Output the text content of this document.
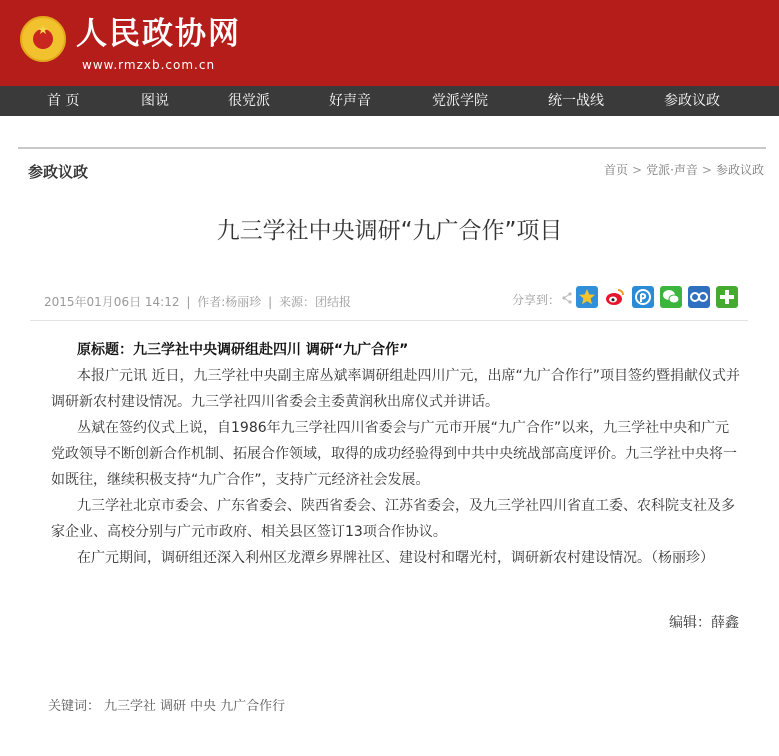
★ 人民政协网
www.rmzxb.com.cn
首 页	图说	很党派	好声音	党派学院	统一战线	参政议政
参政议政	首页 > 党派·声音 > 参政议政
九三学社中央调研“九广合作”项目
2015年01月06日 14:12 | 作者:杨丽珍 | 来源：团结报	分享到：

原标题：九三学社中央调研组赴四川 调研“九广合作”

本报广元讯 近日，九三学社中央副主席丛斌率调研组赴四川广元，出席“九广合作行”项目签约暨捐献仪式并调研新农村建设情况。九三学社四川省委会主委黄润秋出席仪式并讲话。

丛斌在签约仪式上说，自1986年九三学社四川省委会与广元市开展“九广合作”以来，九三学社中央和广元党政领导不断创新合作机制、拓展合作领域，取得的成功经验得到中共中央统战部高度评价。九三学社中央将一如既往，继续积极支持“九广合作”，支持广元经济社会发展。

九三学社北京市委会、广东省委会、陕西省委会、江苏省委会，及九三学社四川省直工委、农科院支社及多家企业、高校分别与广元市政府、相关县区签订13项合作协议。

在广元期间，调研组还深入利州区龙潭乡界牌社区、建设村和曙光村，调研新农村建设情况。（杨丽珍）

编辑：薛鑫
关键词： 九三学社 调研 中央 九广合作行
